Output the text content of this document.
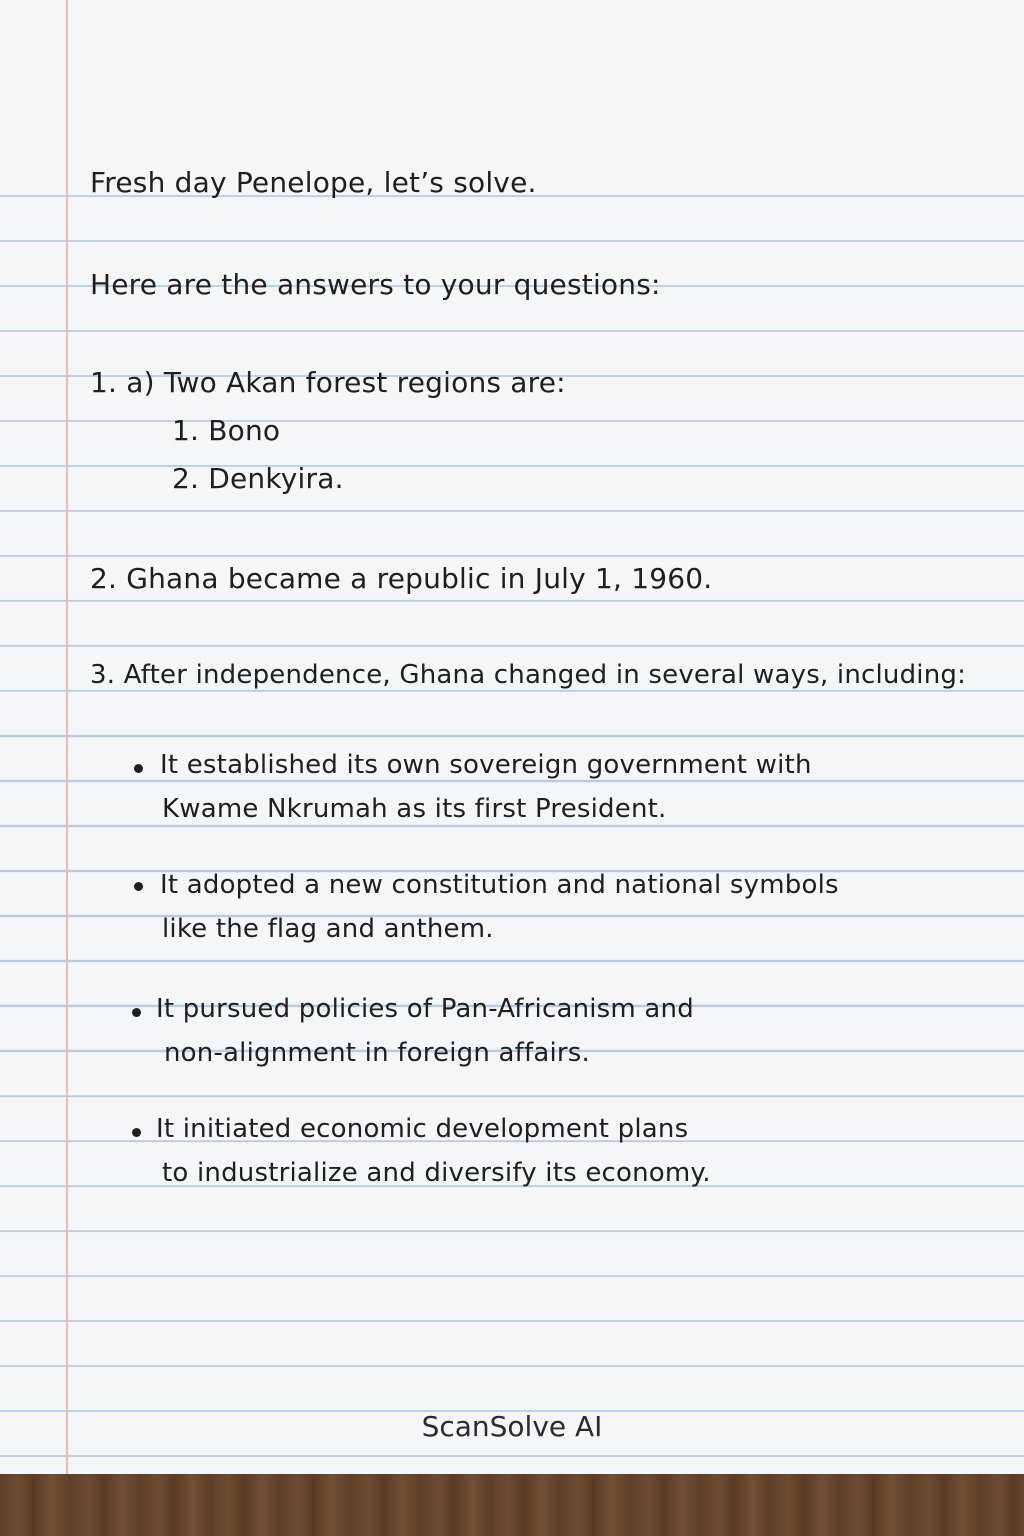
Fresh day Penelope, let’s solve.

Here are the answers to your questions:

1. a) Two Akan forest regions are:

1. Bono

2. Denkyira.

2. Ghana became a republic in July 1, 1960.

3. After independence, Ghana changed in several ways, including:

It established its own sovereign government with

Kwame Nkrumah as its first President.

It adopted a new constitution and national symbols

like the flag and anthem.

It pursued policies of Pan-Africanism and

non-alignment in foreign affairs.

It initiated economic development plans

to industrialize and diversify its economy.

ScanSolve AI
